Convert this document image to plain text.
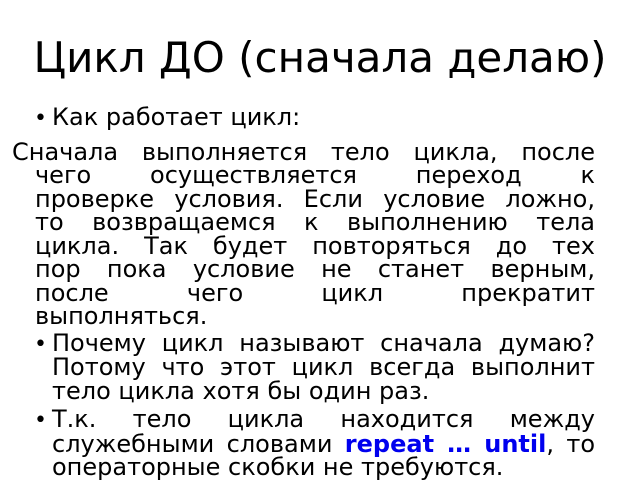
Цикл ДО (сначала делаю)
• Как работает цикл:
Сначала выполняется тело цикла, после
чего осуществляется переход к
проверке условия. Если условие ложно,
то возвращаемся к выполнению тела
цикла. Так будет повторяться до тех
пор пока условие не станет верным,
после чего цикл прекратит
выполняться.
• Почему цикл называют сначала думаю?
Потому что этот цикл всегда выполнит
тело цикла хотя бы один раз.
• Т.к. тело цикла находится между
служебными словами repeat … until, то
операторные скобки не требуются.
